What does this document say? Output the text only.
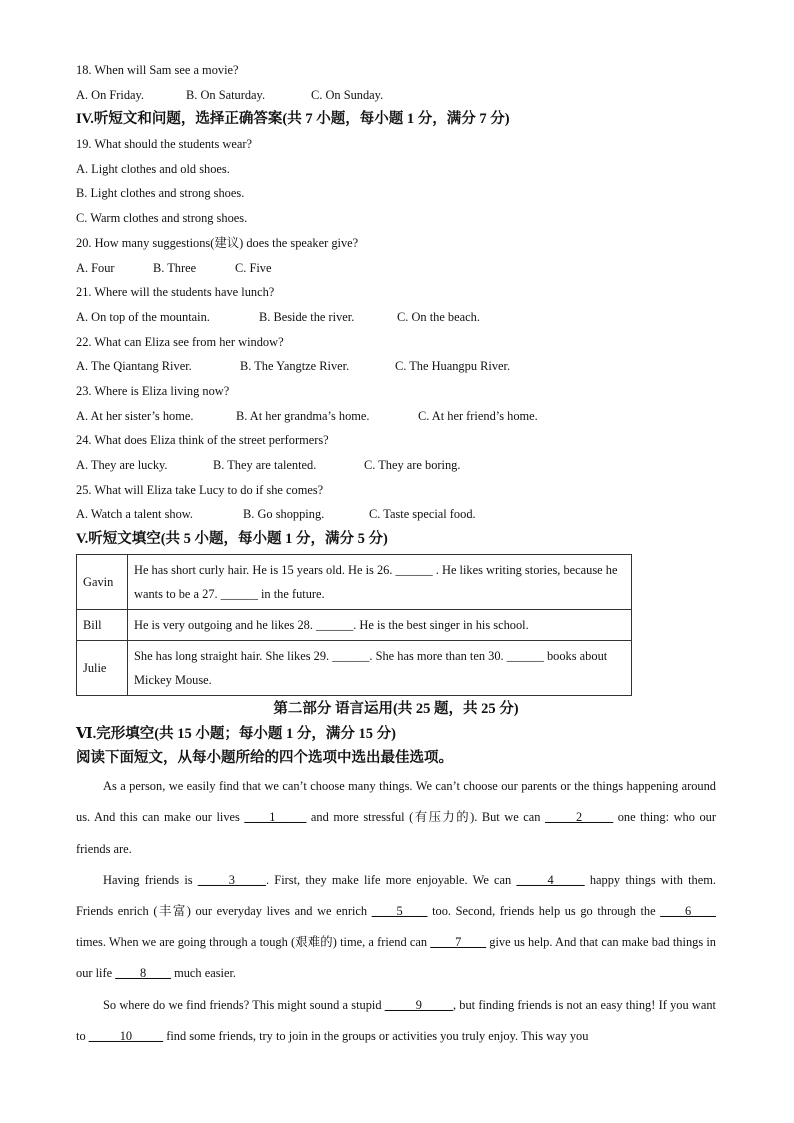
18. When will Sam see a movie?
A. On Friday.	B. On Saturday.	C. On Sunday.
IV.听短文和问题，选择正确答案(共 7 小题，每小题 1 分，满分 7 分)
19. What should the students wear?
A. Light clothes and old shoes.
B. Light clothes and strong shoes.
C. Warm clothes and strong shoes.
20. How many suggestions(建议) does the speaker give?
A. Four	B. Three	C. Five
21. Where will the students have lunch?
A. On top of the mountain.	B. Beside the river.	C. On the beach.
22. What can Eliza see from her window?
A. The Qiantang River.	B. The Yangtze River.	C. The Huangpu River.
23. Where is Eliza living now?
A. At her sister’s home.	B. At her grandma’s home.	C. At her friend’s home.
24. What does Eliza think of the street performers?
A. They are lucky.	B. They are talented.	C. They are boring.
25. What will Eliza take Lucy to do if she comes?
A. Watch a talent show.	B. Go shopping.	C. Taste special food.
V.听短文填空(共 5 小题，每小题 1 分，满分 5 分)
Gavin	He has short curly hair. He is 15 years old. He is 26. ______ . He likes writing stories, because he wants to be a 27. ______ in the future.
Bill	He is very outgoing and he likes 28. ______. He is the best singer in his school.
Julie	She has long straight hair. She likes 29. ______. She has more than ten 30. ______ books about Mickey Mouse.
第二部分 语言运用(共 25 题，共 25 分)
Ⅵ.完形填空(共 15 小题；每小题 1 分，满分 15 分)
阅读下面短文，从每小题所给的四个选项中选出最佳选项。
As a person, we easily find that we can’t choose many things. We can’t choose our parents or the things happening around us. And this can make our lives ____1_____ and more stressful (有压力的). But we can _____2_____ one thing: who our friends are.
Having friends is _____3_____. First, they make life more enjoyable. We can _____4_____ happy things with them. Friends enrich (丰富) our everyday lives and we enrich ____5____ too. Second, friends help us go through the ____6____ times. When we are going through a tough (艰难的) time, a friend can ____7____ give us help. And that can make bad things in our life ____8____ much easier.
So where do we find friends? This might sound a stupid _____9_____, but finding friends is not an easy thing! If you want to _____10_____ find some friends, try to join in the groups or activities you truly enjoy. This way you
